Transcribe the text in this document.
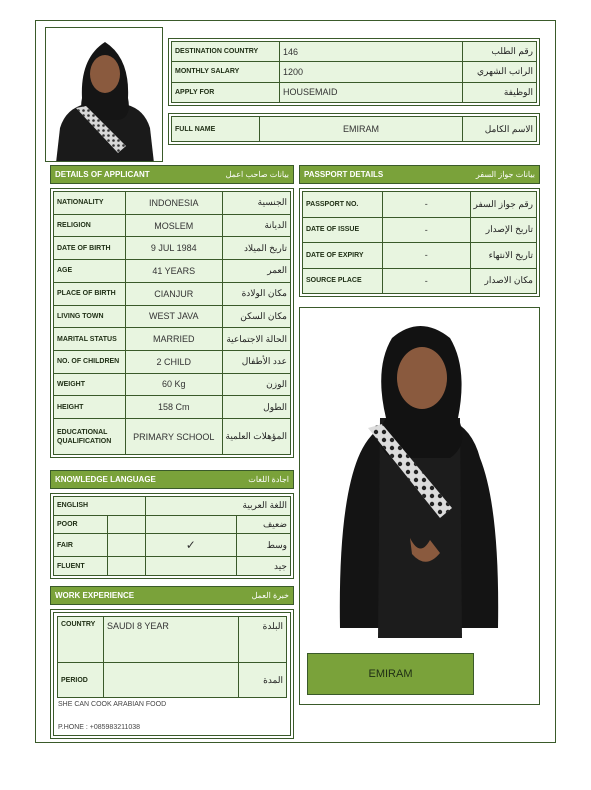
DESTINATION COUNTRY	146	رقم الطلب
MONTHLY SALARY	1200	الراتب الشهري
APPLY FOR	HOUSEMAID	الوظيفة
FULL NAME	EMIRAM	الاسم الكامل
DETAILS OF APPLICANT	بيانات صاحب اعمل
NATIONALITY	INDONESIA	الجنسية
RELIGION	MOSLEM	الديانة
DATE OF BIRTH	9 JUL 1984	تاريخ الميلاد
AGE	41 YEARS	العمر
PLACE OF BIRTH	CIANJUR	مكان الولادة
LIVING TOWN	WEST JAVA	مكان السكن
MARITAL STATUS	MARRIED	الحالة الاجتماعية
NO. OF CHILDREN	2 CHILD	عدد الأطفال
WEIGHT	60 Kg	الوزن
HEIGHT	158 Cm	الطول
EDUCATIONAL QUALIFICATION	PRIMARY SCHOOL	المؤهلات العلمية
PASSPORT DETAILS	بيانات جواز السفر
PASSPORT NO.	-	رقم جواز السفر
DATE OF ISSUE	-	تاريخ الإصدار
DATE OF EXPIRY	-	تاريخ الانتهاء
SOURCE PLACE	-	مكان الاصدار
KNOWLEDGE LANGUAGE	اجادة اللغات
ENGLISH		اللغة العربية	
POOR			ضعيف
FAIR		✓	وسط
FLUENT			جيد
WORK EXPERIENCE	خبرة العمل
COUNTRY	SAUDI 8 YEAR	البلدة
PERIOD		المدة
SHE CAN COOK ARABIAN FOOD
P.HONE : +085983211038
EMIRAM
